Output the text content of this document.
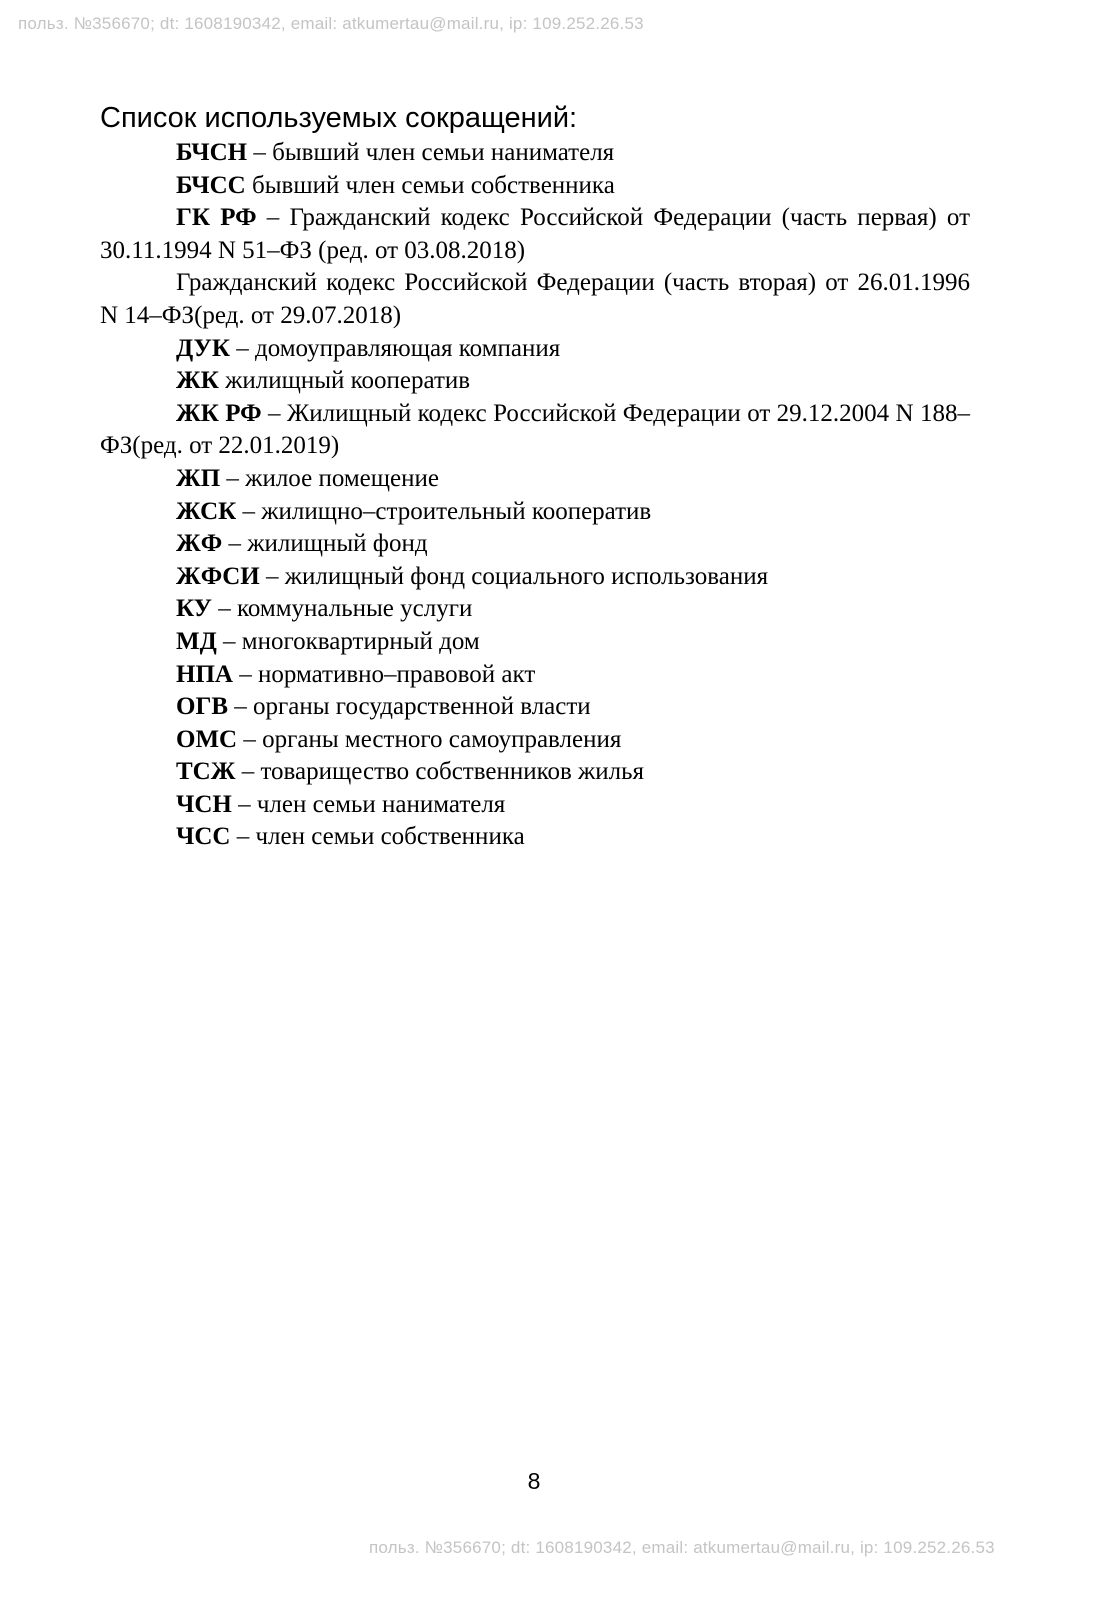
польз. №356670; dt: 1608190342, email: atkumertau@mail.ru, ip: 109.252.26.53
Список используемых сокращений:

БЧСН – бывший член семьи нанимателя

БЧСС бывший член семьи собственника

ГК РФ – Гражданский кодекс Российской Федерации (часть первая) от 30.11.1994 N 51–ФЗ (ред. от 03.08.2018)

Гражданский кодекс Российской Федерации (часть вторая) от 26.01.1996 N 14–ФЗ(ред. от 29.07.2018)

ДУК – домоуправляющая компания

ЖК жилищный кооператив

ЖК РФ – Жилищный кодекс Российской Федерации от 29.12.2004 N 188–ФЗ(ред. от 22.01.2019)

ЖП – жилое помещение

ЖСК – жилищно–строительный кооператив

ЖФ – жилищный фонд

ЖФСИ – жилищный фонд социального использования

КУ – коммунальные услуги

МД – многоквартирный дом

НПА – нормативно–правовой акт

ОГВ – органы государственной власти

ОМС – органы местного самоуправления

ТСЖ – товарищество собственников жилья

ЧСН – член семьи нанимателя

ЧСС – член семьи собственника

8
польз. №356670; dt: 1608190342, email: atkumertau@mail.ru, ip: 109.252.26.53
